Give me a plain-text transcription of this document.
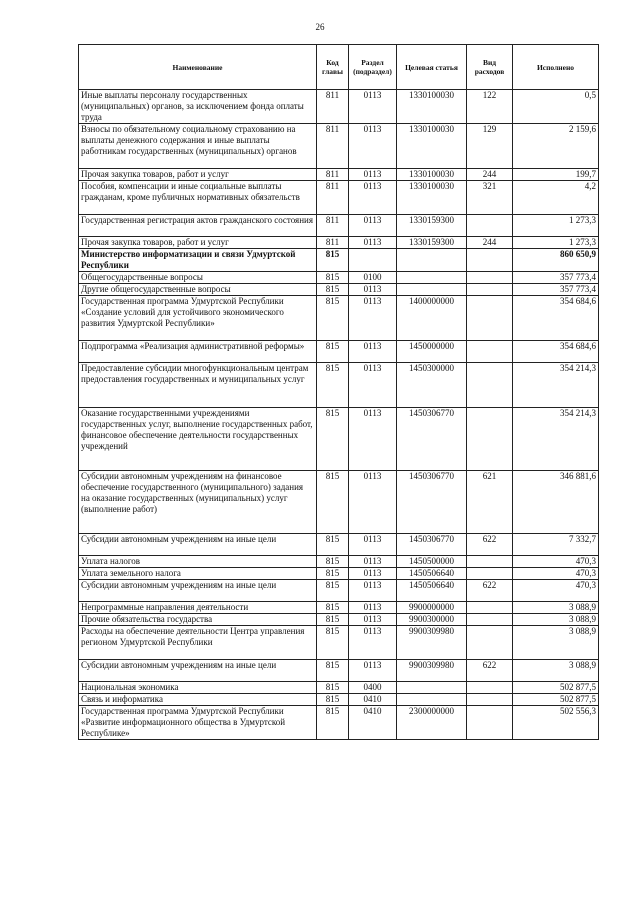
26
Наименование	Код главы	Раздел (подраздел)	Целевая статья	Вид расходов	Исполнено
Иные выплаты персоналу государственных (муниципальных) органов, за исключением фонда оплаты труда	811	0113	1330100030	122	0,5
Взносы по обязательному социальному страхованию на выплаты денежного содержания и иные выплаты работникам государственных (муниципальных) органов	811	0113	1330100030	129	2 159,6
Прочая закупка товаров, работ и услуг	811	0113	1330100030	244	199,7
Пособия, компенсации и иные социальные выплаты гражданам, кроме публичных нормативных обязательств	811	0113	1330100030	321	4,2
Государственная регистрация актов гражданского состояния	811	0113	1330159300		1 273,3
Прочая закупка товаров, работ и услуг	811	0113	1330159300	244	1 273,3
Министерство информатизации и связи Удмуртской Республики	815				860 650,9
Общегосударственные вопросы	815	0100			357 773,4
Другие общегосударственные вопросы	815	0113			357 773,4
Государственная программа Удмуртской Республики «Создание условий для устойчивого экономического развития Удмуртской Республики»	815	0113	1400000000		354 684,6
Подпрограмма «Реализация административной реформы»	815	0113	1450000000		354 684,6
Предоставление субсидии многофункциональным центрам предоставления государственных и муниципальных услуг	815	0113	1450300000		354 214,3
Оказание государственными учреждениями государственных услуг, выполнение государственных работ, финансовое обеспечение деятельности государственных учреждений	815	0113	1450306770		354 214,3
Субсидии автономным учреждениям на финансовое обеспечение государственного (муниципального) задания на оказание государственных (муниципальных) услуг (выполнение работ)	815	0113	1450306770	621	346 881,6
Субсидии автономным учреждениям на иные цели	815	0113	1450306770	622	7 332,7
Уплата налогов	815	0113	1450500000		470,3
Уплата земельного налога	815	0113	1450506640		470,3
Субсидии автономным учреждениям на иные цели	815	0113	1450506640	622	470,3
Непрограммные направления деятельности	815	0113	9900000000		3 088,9
Прочие обязательства государства	815	0113	9900300000		3 088,9
Расходы на обеспечение деятельности Центра управления регионом Удмуртской Республики	815	0113	9900309980		3 088,9
Субсидии автономным учреждениям на иные цели	815	0113	9900309980	622	3 088,9
Национальная экономика	815	0400			502 877,5
Связь и информатика	815	0410			502 877,5
Государственная программа Удмуртской Республики «Развитие информационного общества в Удмуртской Республике»	815	0410	2300000000		502 556,3
